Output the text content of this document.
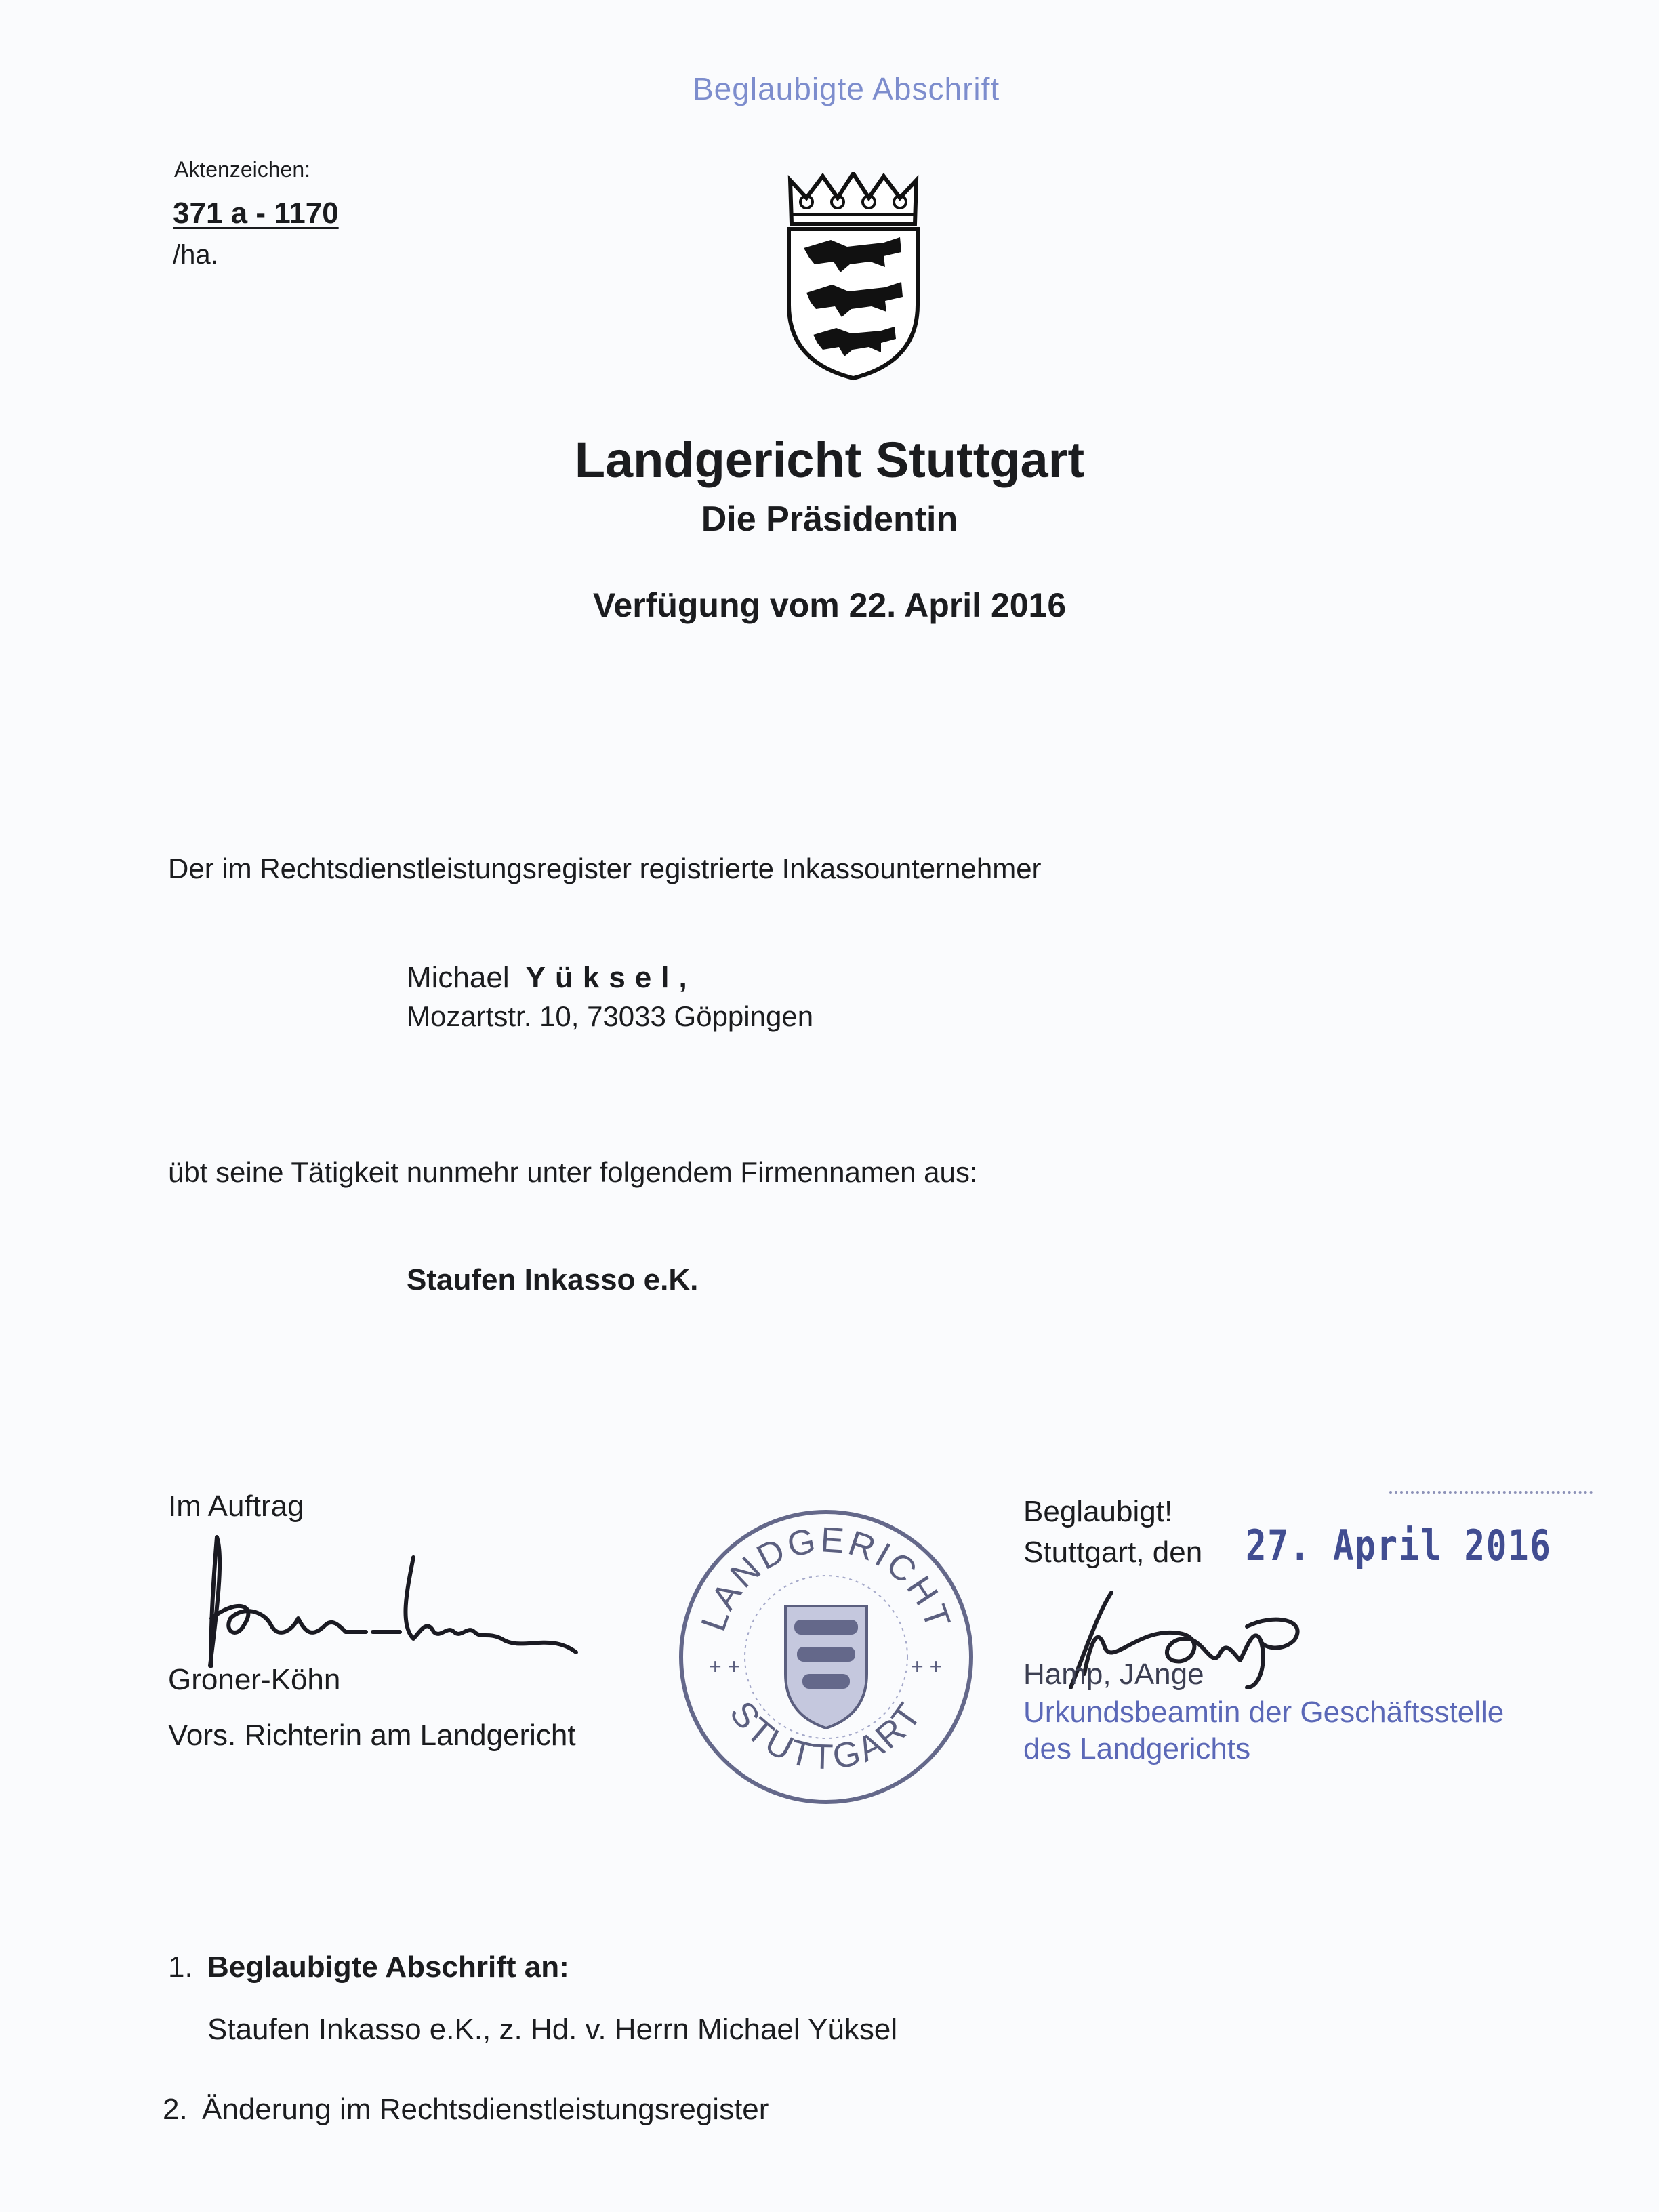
Beglaubigte Abschrift
Aktenzeichen:
371 a - 1170
/ha.
Landgericht Stuttgart
Die Präsidentin
Verfügung vom 22. April 2016
Der im Rechtsdienstleistungsregister registrierte Inkassounternehmer
Michael Yüksel,
Mozartstr. 10, 73033 Göppingen
übt seine Tätigkeit nunmehr unter folgendem Firmennamen aus:
Staufen Inkasso e.K.
Im Auftrag
Groner-Köhn
Vors. Richterin am Landgericht
LANDGERICHT
STUTTGART
+ +	+ +
Beglaubigt!
Stuttgart, den 27. April 2016
Hamp, JAnge
Urkundsbeamtin der Geschäftsstelle
des Landgerichts
1. Beglaubigte Abschrift an:
Staufen Inkasso e.K., z. Hd. v. Herrn Michael Yüksel
2. Änderung im Rechtsdienstleistungsregister
